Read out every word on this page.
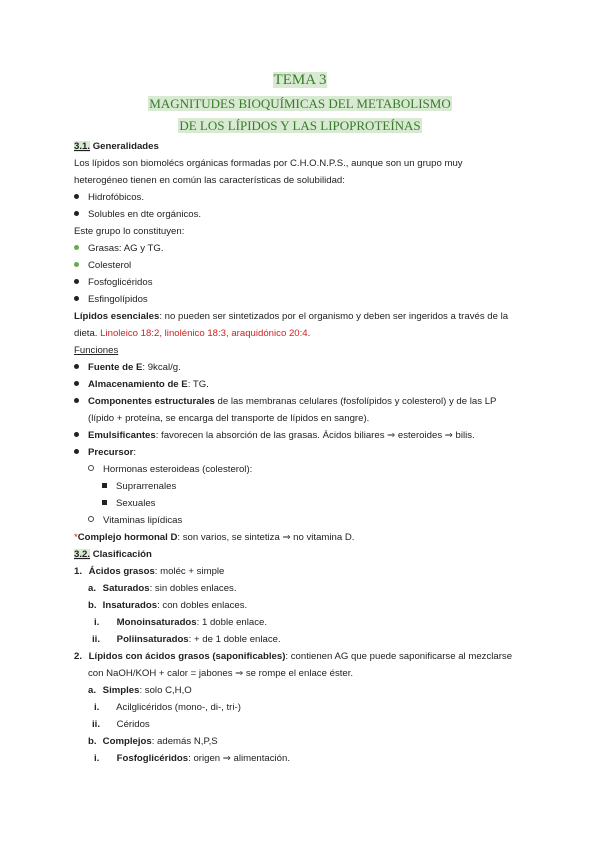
TEMA 3
MAGNITUDES BIOQUÍMICAS DEL METABOLISMO
DE LOS LÍPIDOS Y LAS LIPOPROTEÍNAS
3.1. Generalidades
Los lípidos son biomolécs orgánicas formadas por C.H.O.N.P.S., aunque son un grupo muy
heterogéneo tienen en común las características de solubilidad:
Hidrofóbicos.
Solubles en dte orgánicos.
Este grupo lo constituyen:
Grasas: AG y TG.
Colesterol
Fosfoglicéridos
Esfingolípidos
Lípidos esenciales: no pueden ser sintetizados por el organismo y deben ser ingeridos a través de la
dieta. Linoleico 18:2, linolénico 18:3, araquidónico 20:4.
Funciones
Fuente de E: 9kcal/g.
Almacenamiento de E: TG.
Componentes estructurales de las membranas celulares (fosfolípidos y colesterol) y de las LP
(lípido + proteína, se encarga del transporte de lípidos en sangre).
Emulsificantes: favorecen la absorción de las grasas. Ácidos biliares ⇒ esteroides ⇒ bilis.
Precursor:
Hormonas esteroideas (colesterol):
Suprarrenales
Sexuales
Vitaminas lipídicas
*Complejo hormonal D: son varios, se sintetiza ⇒ no vitamina D.
3.2. Clasificación
1. Ácidos grasos: moléc + simple
a. Saturados: sin dobles enlaces.
b. Insaturados: con dobles enlaces.
i. Monoinsaturados: 1 doble enlace.
ii. Poliinsaturados: + de 1 doble enlace.
2. Lípidos con ácidos grasos (saponificables): contienen AG que puede saponificarse al mezclarse
con NaOH/KOH + calor = jabones ⇒ se rompe el enlace éster.
a. Simples: solo C,H,O
i. Acilglicéridos (mono-, di-, tri-)
ii. Céridos
b. Complejos: además N,P,S
i. Fosfoglicéridos: origen ⇒ alimentación.
